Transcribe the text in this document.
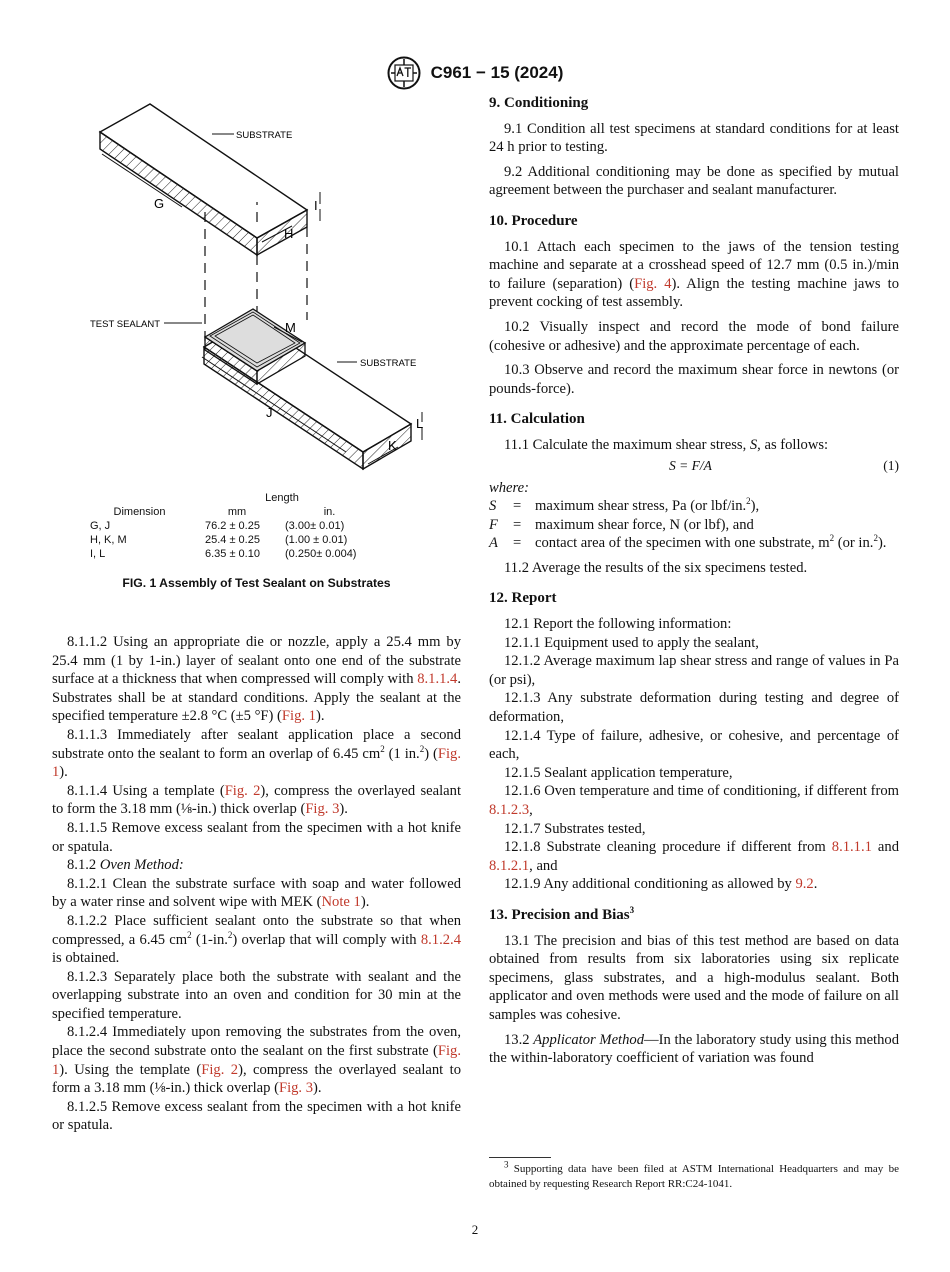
C961 − 15 (2024)
SUBSTRATE
TEST SEALANT
SUBSTRATE
G
H
I
J
K
L
M
Length
Dimension	mm	in.
G, J	76.2 ± 0.25	(3.00± 0.01)
H, K, M	25.4 ± 0.25	(1.00 ± 0.01)
I, L	6.35 ± 0.10	(0.250± 0.004)
FIG. 1 Assembly of Test Sealant on Substrates

8.1.1.2 Using an appropriate die or nozzle, apply a 25.4 mm by 25.4 mm (1 by 1-in.) layer of sealant onto one end of the substrate surface at a thickness that when compressed will comply with 8.1.1.4. Substrates shall be at standard conditions. Apply the sealant at the specified temperature ±2.8 °C (±5 °F) (Fig. 1).

8.1.1.3 Immediately after sealant application place a second substrate onto the sealant to form an overlap of 6.45 $cm^2$ (1 in.$^2$) (Fig. 1).

8.1.1.4 Using a template (Fig. 2), compress the overlayed sealant to form the 3.18 mm (⅛-in.) thick overlap (Fig. 3).

8.1.1.5 Remove excess sealant from the specimen with a hot knife or spatula.

8.1.2 Oven Method:

8.1.2.1 Clean the substrate surface with soap and water followed by a water rinse and solvent wipe with MEK (Note 1).

8.1.2.2 Place sufficient sealant onto the substrate so that when compressed, a 6.45 $cm^2$ (1-in.$^2$) overlap that will comply with 8.1.2.4 is obtained.

8.1.2.3 Separately place both the substrate with sealant and the overlapping substrate into an oven and condition for 30 min at the specified temperature.

8.1.2.4 Immediately upon removing the substrates from the oven, place the second substrate onto the sealant on the first substrate (Fig. 1). Using the template (Fig. 2), compress the overlayed sealant to form a 3.18 mm (⅛-in.) thick overlap (Fig. 3).

8.1.2.5 Remove excess sealant from the specimen with a hot knife or spatula.

9. Conditioning

9.1 Condition all test specimens at standard conditions for at least 24 h prior to testing.

9.2 Additional conditioning may be done as specified by mutual agreement between the purchaser and sealant manufacturer.

10. Procedure

10.1 Attach each specimen to the jaws of the tension testing machine and separate at a crosshead speed of 12.7 mm (0.5 in.)/min to failure (separation) (Fig. 4). Align the testing machine jaws to prevent cocking of test assembly.

10.2 Visually inspect and record the mode of bond failure (cohesive or adhesive) and the approximate percentage of each.

10.3 Observe and record the maximum shear force in newtons (or pounds-force).

11. Calculation

11.1 Calculate the maximum shear stress, S, as follows:

S = F/A	(1)

where:

S	= maximum shear stress, Pa (or lbf/in.$^2$),
F	= maximum shear force, N (or lbf), and
A	= contact area of the specimen with one substrate, $m^2$ (or in.$^2$).

11.2 Average the results of the six specimens tested.

12. Report

12.1 Report the following information:

12.1.1 Equipment used to apply the sealant,

12.1.2 Average maximum lap shear stress and range of values in Pa (or psi),

12.1.3 Any substrate deformation during testing and degree of deformation,

12.1.4 Type of failure, adhesive, or cohesive, and percentage of each,

12.1.5 Sealant application temperature,

12.1.6 Oven temperature and time of conditioning, if different from 8.1.2.3,

12.1.7 Substrates tested,

12.1.8 Substrate cleaning procedure if different from 8.1.1.1 and 8.1.2.1, and

12.1.9 Any additional conditioning as allowed by 9.2.

13. Precision and Bias$^3$

13.1 The precision and bias of this test method are based on data obtained from results from six laboratories using six replicate specimens, glass substrates, and a high-modulus sealant. Both applicator and oven methods were used and the mode of failure on all samples was cohesive.

13.2 Applicator Method—In the laboratory study using this method the within-laboratory coefficient of variation was found

$^3$ Supporting data have been filed at ASTM International Headquarters and may be obtained by requesting Research Report RR:C24-1041.
2
